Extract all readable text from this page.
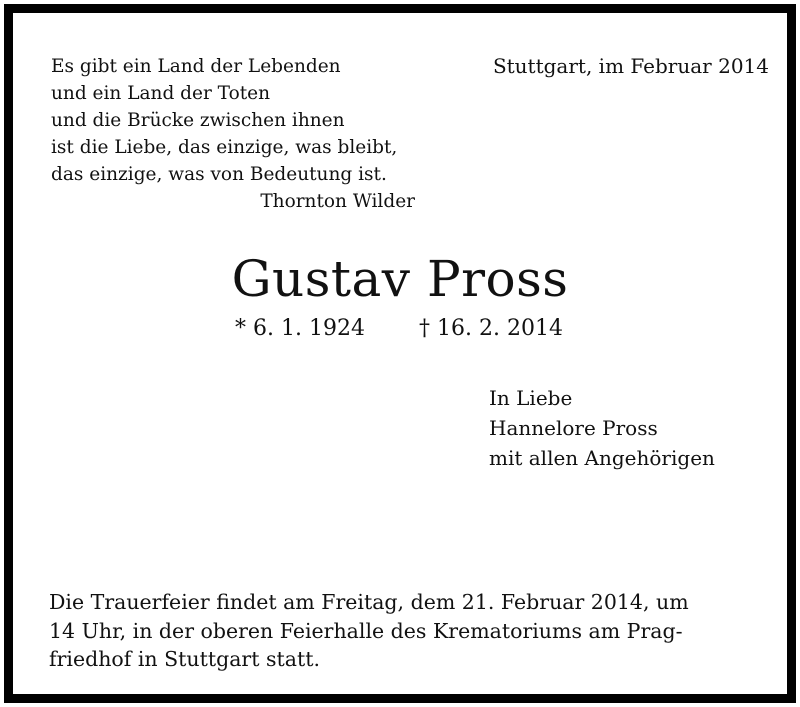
Es gibt ein Land der Lebenden
und ein Land der Toten
und die Brücke zwischen ihnen
ist die Liebe, das einzige, was bleibt,
das einzige, was von Bedeutung ist.
Thornton Wilder
Stuttgart, im Februar 2014
Gustav Pross
* 6. 1. 1924 † 16. 2. 2014
In Liebe
Hannelore Pross
mit allen Angehörigen
Die Trauerfeier findet am Freitag, dem 21. Februar 2014, um
14 Uhr, in der oberen Feierhalle des Krematoriums am Prag-
friedhof in Stuttgart statt.
